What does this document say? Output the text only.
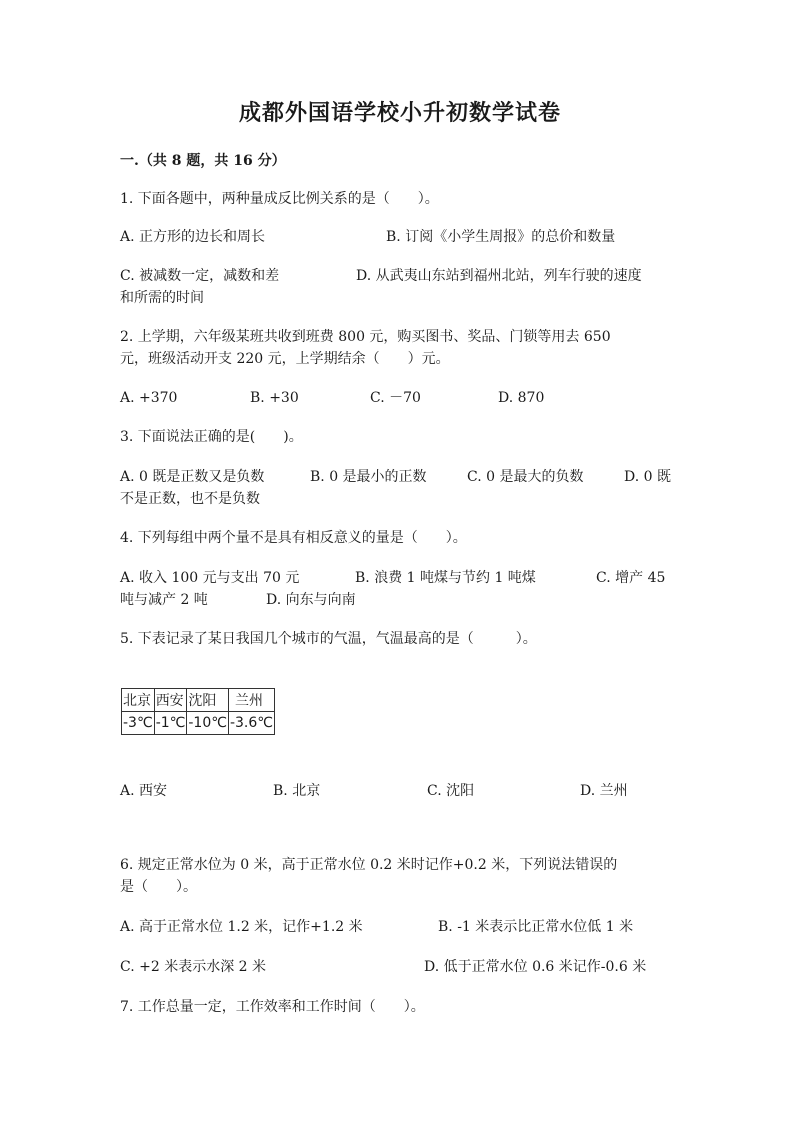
成都外国语学校小升初数学试卷
一.（共 8 题，共 16 分）
1. 下面各题中，两种量成反比例关系的是（　　）。
A. 正方形的边长和周长	B. 订阅《小学生周报》的总价和数量
C. 被减数一定，减数和差	D. 从武夷山东站到福州北站，列车行驶的速度
和所需的时间
2. 上学期，六年级某班共收到班费 800 元，购买图书、奖品、门锁等用去 650
元，班级活动开支 220 元，上学期结余（　　）元。
A. +370	B. +30	C. －70	D. 870
3. 下面说法正确的是(　　)。
A. 0 既是正数又是负数	B. 0 是最小的正数	C. 0 是最大的负数	D. 0 既
不是正数，也不是负数
4. 下列每组中两个量不是具有相反意义的量是（　　）。
A. 收入 100 元与支出 70 元	B. 浪费 1 吨煤与节约 1 吨煤	C. 增产 45
吨与减产 2 吨	D. 向东与向南
5. 下表记录了某日我国几个城市的气温，气温最高的是（　　　）。
北京	西安	沈阳	兰州
-3℃	-1℃	-10℃	-3.6℃
A. 西安	B. 北京	C. 沈阳	D. 兰州
6. 规定正常水位为 0 米，高于正常水位 0.2 米时记作+0.2 米，下列说法错误的
是（　　）。
A. 高于正常水位 1.2 米，记作+1.2 米	B. -1 米表示比正常水位低 1 米
C. +2 米表示水深 2 米	D. 低于正常水位 0.6 米记作-0.6 米
7. 工作总量一定，工作效率和工作时间（　　）。
